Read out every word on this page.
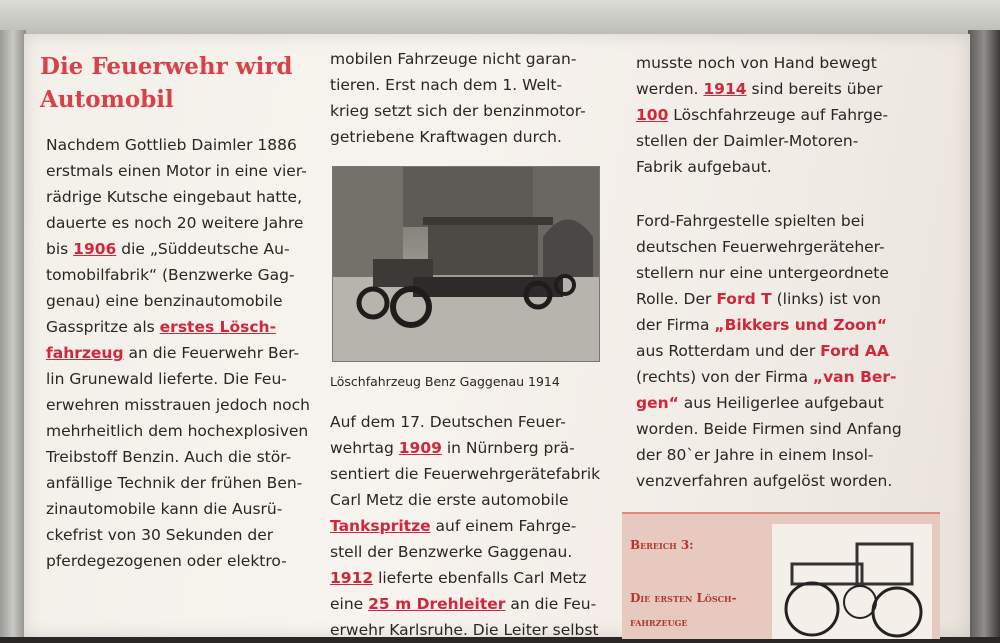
Die Feuerwehr wird Automobil

Nachdem Gottlieb Daimler 1886
erstmals einen Motor in eine vier-
rädrige Kutsche eingebaut hatte,
dauerte es noch 20 weitere Jahre
bis 1906 die „Süddeutsche Au-
tomobilfabrik“ (Benzwerke Gag-
genau) eine benzinautomobile
Gasspritze als erstes Lösch-
fahrzeug an die Feuerwehr Ber-
lin Grunewald lieferte. Die Feu-
erwehren misstrauen jedoch noch
mehrheitlich dem hochexplosiven
Treibstoff Benzin. Auch die stör-
anfällige Technik der frühen Ben-
zinautomobile kann die Ausrü-
ckefrist von 30 Sekunden der
pferdegezogenen oder elektro-

mobilen Fahrzeuge nicht garan-
tieren. Erst nach dem 1. Welt-
krieg setzt sich der benzinmotor-
getriebene Kraftwagen durch.

Auf dem 17. Deutschen Feuer-
wehrtag 1909 in Nürnberg prä-
sentiert die Feuerwehrgerätefabrik
Carl Metz die erste automobile
Tankspritze auf einem Fahrge-
stell der Benzwerke Gaggenau.
1912 lieferte ebenfalls Carl Metz
eine 25 m Drehleiter an die Feu-
erwehr Karlsruhe. Die Leiter selbst

Löschfahrzeug Benz Gaggenau 1914

musste noch von Hand bewegt
werden. 1914 sind bereits über
100 Löschfahrzeuge auf Fahrge-
stellen der Daimler-Motoren-
Fabrik aufgebaut.

Ford-Fahrgestelle spielten bei
deutschen Feuerwehrgeräteher-
stellern nur eine untergeordnete
Rolle. Der Ford T (links) ist von
der Firma „Bikkers und Zoon“
aus Rotterdam und der Ford AA
(rechts) von der Firma „van Ber-
gen“ aus Heiligerlee aufgebaut
worden. Beide Firmen sind Anfang
der 80`er Jahre in einem Insol-
venzverfahren aufgelöst worden.

Bereich 3:
Die ersten Lösch-
fahrzeuge
